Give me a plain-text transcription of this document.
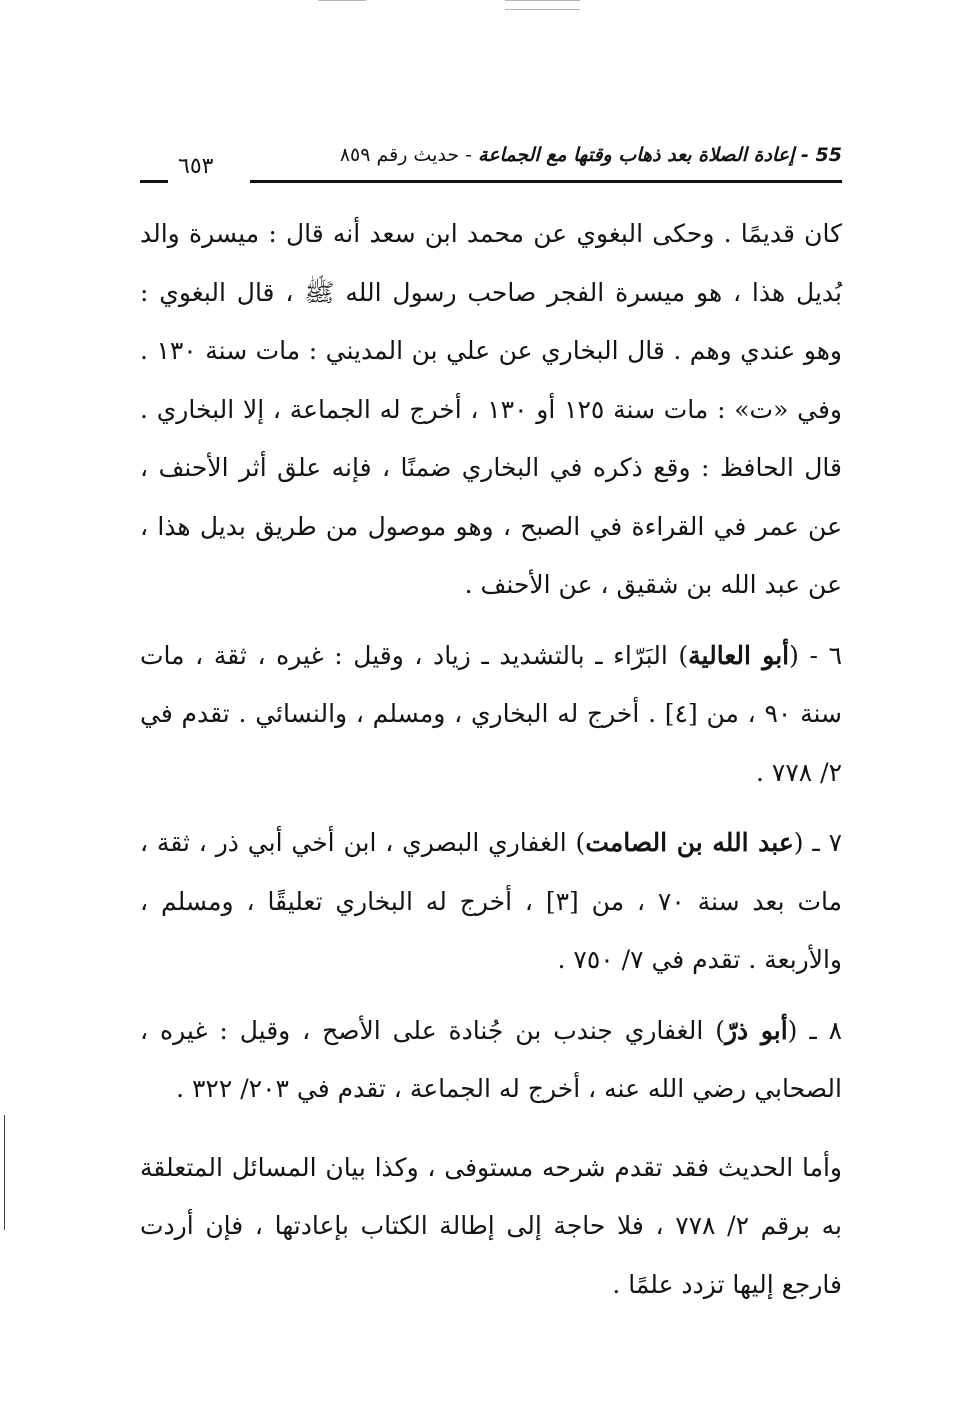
55 - إعادة الصلاة بعد ذهاب وقتها مع الجماعة - حديث رقم ٨٥٩
٦٥٣

كان قديمًا . وحكى البغوي عن محمد ابن سعد أنه قال : ميسرة والد بُديل هذا ، هو ميسرة الفجر صاحب رسول الله ﷺ ، قال البغوي : وهو عندي وهم . قال البخاري عن علي بن المديني : مات سنة ١٣٠ . وفي «ت» : مات سنة ١٢٥ أو ١٣٠ ، أخرج له الجماعة ، إلا البخاري . قال الحافظ : وقع ذكره في البخاري ضمنًا ، فإنه علق أثر الأحنف ، عن عمر في القراءة في الصبح ، وهو موصول من طريق بديل هذا ، عن عبد الله بن شقيق ، عن الأحنف .

٦ - (أبو العالية) البَرّاء ـ بالتشديد ـ زياد ، وقيل : غيره ، ثقة ، مات سنة ٩٠ ، من [٤] . أخرج له البخاري ، ومسلم ، والنسائي . تقدم في ٢/ ٧٧٨ .

٧ ـ (عبد الله بن الصامت) الغفاري البصري ، ابن أخي أبي ذر ، ثقة ، مات بعد سنة ٧٠ ، من [٣] ، أخرج له البخاري تعليقًا ، ومسلم ، والأربعة . تقدم في ٧/ ٧٥٠ .

٨ ـ (أبو ذرّ) الغفاري جندب بن جُنادة على الأصح ، وقيل : غيره ، الصحابي رضي الله عنه ، أخرج له الجماعة ، تقدم في ٢٠٣/ ٣٢٢ .

وأما الحديث فقد تقدم شرحه مستوفى ، وكذا بيان المسائل المتعلقة به برقم ٢/ ٧٧٨ ، فلا حاجة إلى إطالة الكتاب بإعادتها ، فإن أردت فارجع إليها تزدد علمًا .
